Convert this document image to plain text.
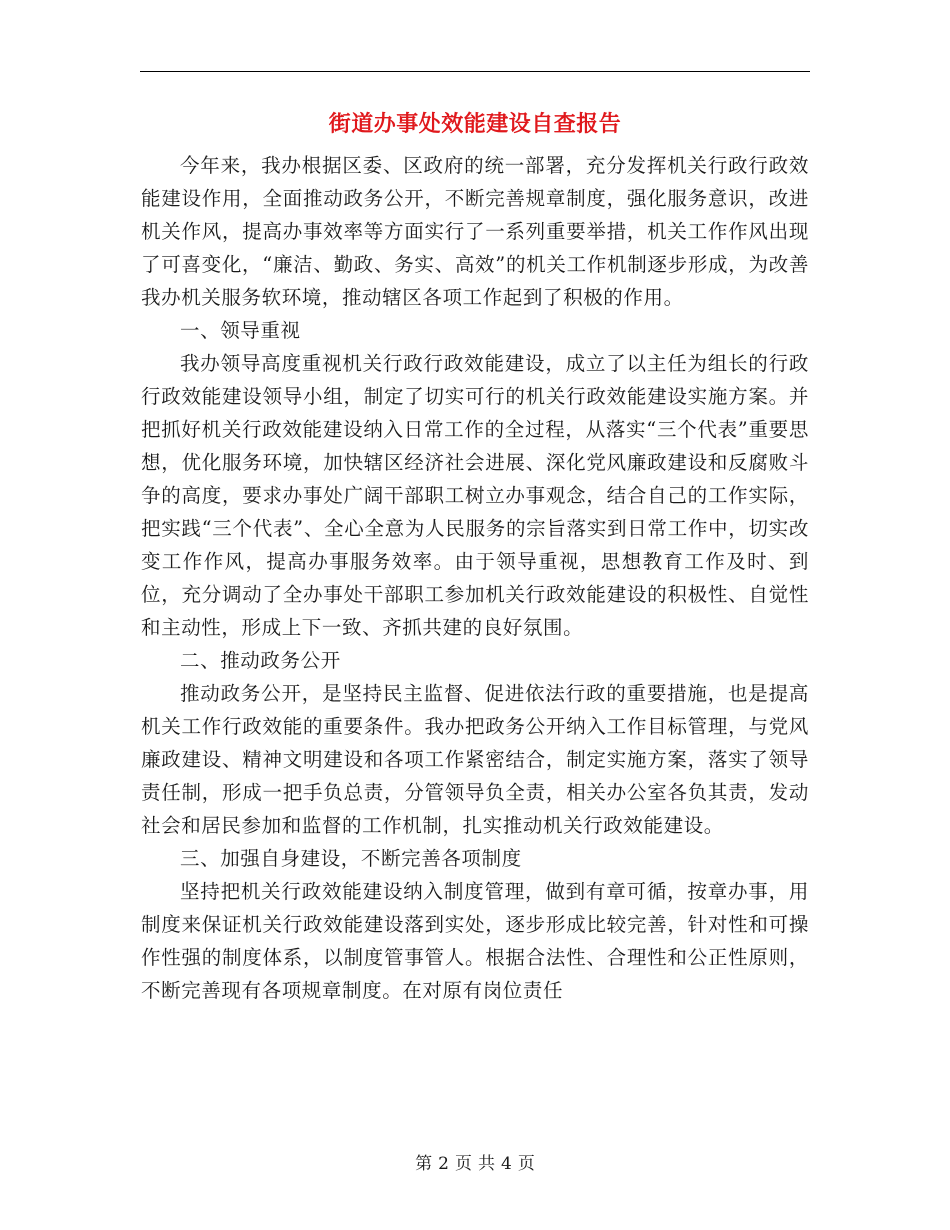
街道办事处效能建设自查报告

今年来，我办根据区委、区政府的统一部署，充分发挥机关行政行政效能建设作用，全面推动政务公开，不断完善规章制度，强化服务意识，改进机关作风，提高办事效率等方面实行了一系列重要举措，机关工作作风出现了可喜变化，“廉洁、勤政、务实、高效”的机关工作机制逐步形成，为改善我办机关服务软环境，推动辖区各项工作起到了积极的作用。

一、领导重视

我办领导高度重视机关行政行政效能建设，成立了以主任为组长的行政行政效能建设领导小组，制定了切实可行的机关行政效能建设实施方案。并把抓好机关行政效能建设纳入日常工作的全过程，从落实“三个代表”重要思想，优化服务环境，加快辖区经济社会进展、深化党风廉政建设和反腐败斗争的高度，要求办事处广阔干部职工树立办事观念，结合自己的工作实际，把实践“三个代表”、全心全意为人民服务的宗旨落实到日常工作中，切实改变工作作风，提高办事服务效率。由于领导重视，思想教育工作及时、到位，充分调动了全办事处干部职工参加机关行政效能建设的积极性、自觉性和主动性，形成上下一致、齐抓共建的良好氛围。

二、推动政务公开

推动政务公开，是坚持民主监督、促进依法行政的重要措施，也是提高机关工作行政效能的重要条件。我办把政务公开纳入工作目标管理，与党风廉政建设、精神文明建设和各项工作紧密结合，制定实施方案，落实了领导责任制，形成一把手负总责，分管领导负全责，相关办公室各负其责，发动社会和居民参加和监督的工作机制，扎实推动机关行政效能建设。

三、加强自身建设，不断完善各项制度

坚持把机关行政效能建设纳入制度管理，做到有章可循，按章办事，用制度来保证机关行政效能建设落到实处，逐步形成比较完善，针对性和可操作性强的制度体系，以制度管事管人。根据合法性、合理性和公正性原则，不断完善现有各项规章制度。在对原有岗位责任

第 2 页 共 4 页
